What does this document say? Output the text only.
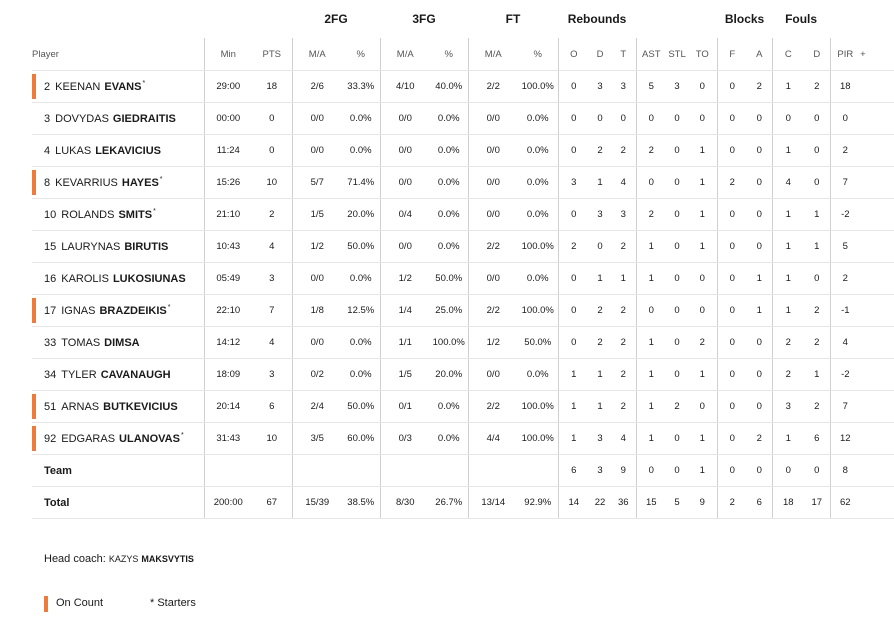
			2FG		3FG		FT		Rebounds						Blocks		Fouls			
Player	Min	PTS	M/A	%	M/A	%	M/A	%	O	D	T	AST	STL	TO	F	A	C	D	PIR	+

2 KEENAN EVANS*	29:00	18	2/6	33.3%	4/10	40.0%	2/2	100.0%	0	3	3	5	3	0	0	2	1	2	18	
3 DOVYDAS GIEDRAITIS	00:00	0	0/0	0.0%	0/0	0.0%	0/0	0.0%	0	0	0	0	0	0	0	0	0	0	0	
4 LUKAS LEKAVICIUS	11:24	0	0/0	0.0%	0/0	0.0%	0/0	0.0%	0	2	2	2	0	1	0	0	1	0	2	

8 KEVARRIUS HAYES*	15:26	10	5/7	71.4%	0/0	0.0%	0/0	0.0%	3	1	4	0	0	1	2	0	4	0	7	
10 ROLANDS SMITS*	21:10	2	1/5	20.0%	0/4	0.0%	0/0	0.0%	0	3	3	2	0	1	0	0	1	1	-2	
15 LAURYNAS BIRUTIS	10:43	4	1/2	50.0%	0/0	0.0%	2/2	100.0%	2	0	2	1	0	1	0	0	1	1	5	
16 KAROLIS LUKOSIUNAS	05:49	3	0/0	0.0%	1/2	50.0%	0/0	0.0%	0	1	1	1	0	0	0	1	1	0	2	

17 IGNAS BRAZDEIKIS*	22:10	7	1/8	12.5%	1/4	25.0%	2/2	100.0%	0	2	2	0	0	0	0	1	1	2	-1	
33 TOMAS DIMSA	14:12	4	0/0	0.0%	1/1	100.0%	1/2	50.0%	0	2	2	1	0	2	0	0	2	2	4	
34 TYLER CAVANAUGH	18:09	3	0/2	0.0%	1/5	20.0%	0/0	0.0%	1	1	2	1	0	1	0	0	2	1	-2	

51 ARNAS BUTKEVICIUS	20:14	6	2/4	50.0%	0/1	0.0%	2/2	100.0%	1	1	2	1	2	0	0	0	3	2	7	

92 EDGARAS ULANOVAS*	31:43	10	3/5	60.0%	0/3	0.0%	4/4	100.0%	1	3	4	1	0	1	0	2	1	6	12	
Team									6	3	9	0	0	1	0	0	0	0	8	
Total	200:00	67	15/39	38.5%	8/30	26.7%	13/14	92.9%	14	22	36	15	5	9	2	6	18	17	62	
Head coach: KAZYS MAKSVYTIS
On Count	* Starters
